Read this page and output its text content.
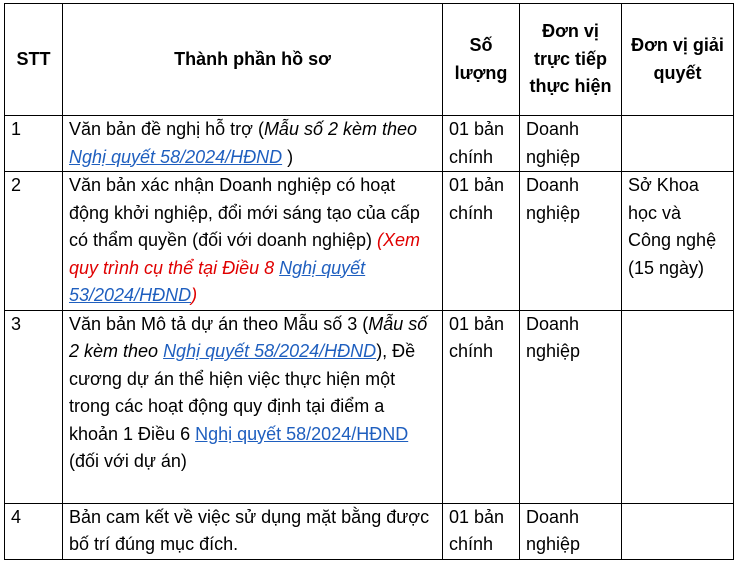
STT	Thành phần hồ sơ	Số lượng	Đơn vị trực tiếp thực hiện	Đơn vị giải quyết
1	Văn bản đề nghị hỗ trợ (Mẫu số 2 kèm theo Nghị quyết 58/2024/HĐND )	01 bản chính	Doanh nghiệp	
2	Văn bản xác nhận Doanh nghiệp có hoạt động khởi nghiệp, đổi mới sáng tạo của cấp có thẩm quyền (đối với doanh nghiệp) (Xem quy trình cụ thể tại Điều 8 Nghị quyết 53/2024/HĐND)	01 bản chính	Doanh nghiệp	Sở Khoa học và Công nghệ (15 ngày)
3	Văn bản Mô tả dự án theo Mẫu số 3 (Mẫu số 2 kèm theo Nghị quyết 58/2024/HĐND), Đề cương dự án thể hiện việc thực hiện một trong các hoạt động quy định tại điểm a khoản 1 Điều 6 Nghị quyết 58/2024/HĐND (đối với dự án)	01 bản chính	Doanh nghiệp	
4	Bản cam kết về việc sử dụng mặt bằng được bố trí đúng mục đích.	01 bản chính	Doanh nghiệp	
